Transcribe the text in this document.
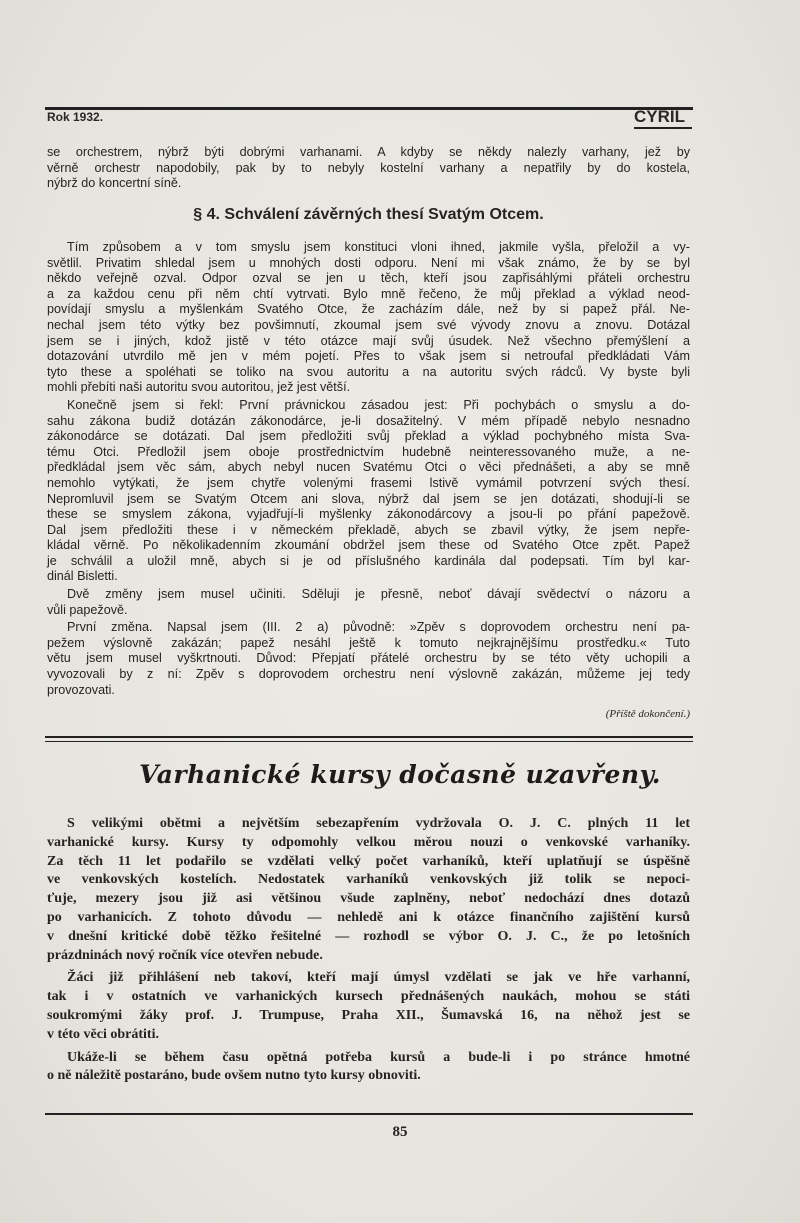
Rok 1932.	CYRIL
se orchestrem, nýbrž býti dobrými varhanami. A kdyby se někdy nalezly varhany, jež by
věrně orchestr napodobily, pak by to nebyly kostelní varhany a nepatřily by do kostela,
nýbrž do koncertní síně.
§ 4. Schválení závěrných thesí Svatým Otcem.
Tím způsobem a v tom smyslu jsem konstituci vloni ihned, jakmile vyšla, přeložil a vy-
světlil. Privatim shledal jsem u mnohých dosti odporu. Není mi však známo, že by se byl
někdo veřejně ozval. Odpor ozval se jen u těch, kteří jsou zapřisáhlými přáteli orchestru
a za každou cenu při něm chtí vytrvati. Bylo mně řečeno, že můj překlad a výklad neod-
povídají smyslu a myšlenkám Svatého Otce, že zacházím dále, než by si papež přál. Ne-
nechal jsem této výtky bez povšimnutí, zkoumal jsem své vývody znovu a znovu. Dotázal
jsem se i jiných, kdož jistě v této otázce mají svůj úsudek. Než všechno přemýšlení a
dotazování utvrdilo mě jen v mém pojetí. Přes to však jsem si netroufal předkládati Vám
tyto these a spoléhati se toliko na svou autoritu a na autoritu svých rádců. Vy byste byli
mohli přebíti naši autoritu svou autoritou, jež jest větší.
Konečně jsem si řekl: První právnickou zásadou jest: Při pochybách o smyslu a do-
sahu zákona budiž dotázán zákonodárce, je-li dosažitelný. V mém případě nebylo nesnadno
zákonodárce se dotázati. Dal jsem předložiti svůj překlad a výklad pochybného místa Sva-
tému Otci. Předložil jsem oboje prostřednictvím hudebně neinteressovaného muže, a ne-
předkládal jsem věc sám, abych nebyl nucen Svatému Otci o věci přednášeti, a aby se mně
nemohlo vytýkati, že jsem chytře volenými frasemi lstivě vymámil potvrzení svých thesí.
Nepromluvil jsem se Svatým Otcem ani slova, nýbrž dal jsem se jen dotázati, shodují-li se
these se smyslem zákona, vyjadřují-li myšlenky zákonodárcovy a jsou-li po přání papežově.
Dal jsem předložiti these i v německém překladě, abych se zbavil výtky, že jsem nepře-
kládal věrně. Po několikadenním zkoumání obdržel jsem these od Svatého Otce zpět. Papež
je schválil a uložil mně, abych si je od příslušného kardinála dal podepsati. Tím byl kar-
dinál Bisletti.
Dvě změny jsem musel učiniti. Sděluji je přesně, neboť dávají svědectví o názoru a
vůli papežově.
První změna. Napsal jsem (III. 2 a) původně: »Zpěv s doprovodem orchestru není pa-
pežem výslovně zakázán; papež nesáhl ještě k tomuto nejkrajnějšímu prostředku.« Tuto
větu jsem musel vyškrtnouti. Důvod: Přepjatí přátelé orchestru by se této věty uchopili a
vyvozovali by z ní: Zpěv s doprovodem orchestru není výslovně zakázán, můžeme jej tedy
provozovati.
(Příště dokončení.)
Varhanické kursy dočasně uzavřeny.
S velikými obětmi a největším sebezapřením vydržovala O. J. C. plných 11 let
varhanické kursy. Kursy ty odpomohly velkou měrou nouzi o venkovské varhaníky.
Za těch 11 let podařilo se vzdělati velký počet varhaníků, kteří uplatňují se úspěšně
ve venkovských kostelích. Nedostatek varhaníků venkovských již tolik se nepoci-
ťuje, mezery jsou již asi většinou všude zaplněny, neboť nedochází dnes dotazů
po varhanicích. Z tohoto důvodu — nehledě ani k otázce finančního zajištění kursů
v dnešní kritické době těžko řešitelné — rozhodl se výbor O. J. C., že po letošních
prázdninách nový ročník více otevřen nebude.
Žáci již přihlášení neb takoví, kteří mají úmysl vzdělati se jak ve hře varhanní,
tak i v ostatních ve varhanických kursech přednášených naukách, mohou se státi
soukromými žáky prof. J. Trumpuse, Praha XII., Šumavská 16, na něhož jest se
v této věci obrátiti.
Ukáže-li se během času opětná potřeba kursů a bude-li i po stránce hmotné
o ně náležitě postaráno, bude ovšem nutno tyto kursy obnoviti.
85
